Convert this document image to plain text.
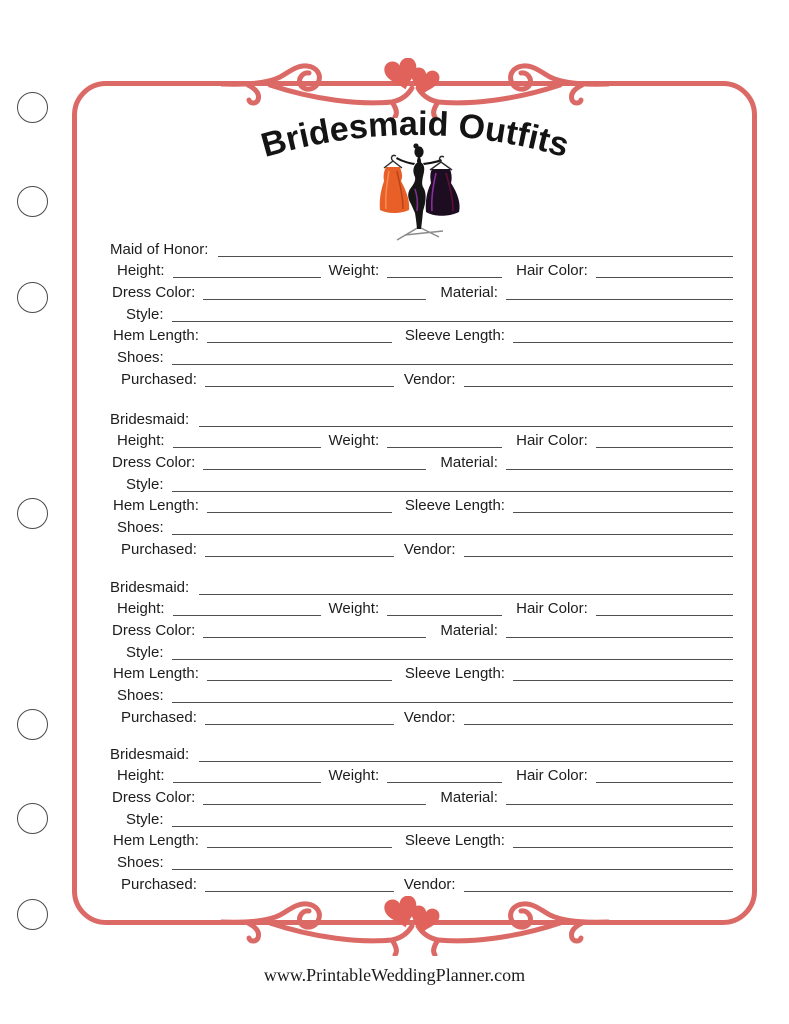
Bridesmaid Outfits
Maid of Honor:
Height:	Weight:	Hair Color:
Dress Color:	Material:
Style:
Hem Length:	Sleeve Length:
Shoes:
Purchased:	Vendor:
Bridesmaid:
Height:	Weight:	Hair Color:
Dress Color:	Material:
Style:
Hem Length:	Sleeve Length:
Shoes:
Purchased:	Vendor:
Bridesmaid:
Height:	Weight:	Hair Color:
Dress Color:	Material:
Style:
Hem Length:	Sleeve Length:
Shoes:
Purchased:	Vendor:
Bridesmaid:
Height:	Weight:	Hair Color:
Dress Color:	Material:
Style:
Hem Length:	Sleeve Length:
Shoes:
Purchased:	Vendor:
www.PrintableWeddingPlanner.com
